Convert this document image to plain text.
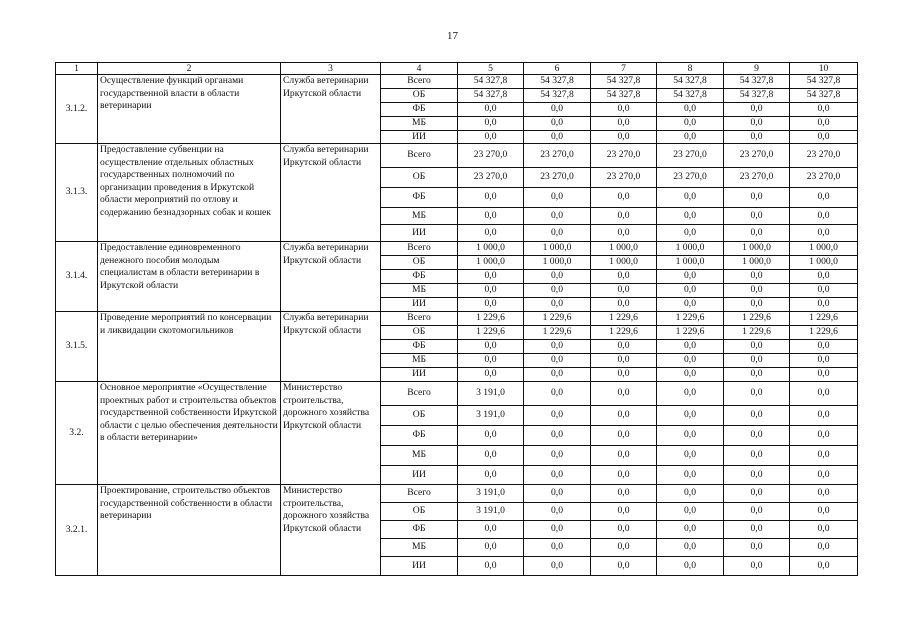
17
1	2	3	4	5	6	7	8	9	10
3.1.2.	Осуществление функций органами государственной власти в области ветеринарии	Служба ветеринарии Иркутской области	Всего	54 327,8	54 327,8	54 327,8	54 327,8	54 327,8	54 327,8
			ОБ	54 327,8	54 327,8	54 327,8	54 327,8	54 327,8	54 327,8
			ФБ	0,0	0,0	0,0	0,0	0,0	0,0
			МБ	0,0	0,0	0,0	0,0	0,0	0,0
			ИИ	0,0	0,0	0,0	0,0	0,0	0,0
3.1.3.	Предоставление субвенции на осуществление отдельных областных государственных полномочий по организации проведения в Иркутской области мероприятий по отлову и содержанию безнадзорных собак и кошек	Служба ветеринарии Иркутской области	Всего	23 270,0	23 270,0	23 270,0	23 270,0	23 270,0	23 270,0
			ОБ	23 270,0	23 270,0	23 270,0	23 270,0	23 270,0	23 270,0
			ФБ	0,0	0,0	0,0	0,0	0,0	0,0
			МБ	0,0	0,0	0,0	0,0	0,0	0,0
			ИИ	0,0	0,0	0,0	0,0	0,0	0,0
3.1.4.	Предоставление единовременного денежного пособия молодым специалистам в области ветеринарии в Иркутской области	Служба ветеринарии Иркутской области	Всего	1 000,0	1 000,0	1 000,0	1 000,0	1 000,0	1 000,0
			ОБ	1 000,0	1 000,0	1 000,0	1 000,0	1 000,0	1 000,0
			ФБ	0,0	0,0	0,0	0,0	0,0	0,0
			МБ	0,0	0,0	0,0	0,0	0,0	0,0
			ИИ	0,0	0,0	0,0	0,0	0,0	0,0
3.1.5.	Проведение мероприятий по консервации и ликвидации скотомогильников	Служба ветеринарии Иркутской области	Всего	1 229,6	1 229,6	1 229,6	1 229,6	1 229,6	1 229,6
			ОБ	1 229,6	1 229,6	1 229,6	1 229,6	1 229,6	1 229,6
			ФБ	0,0	0,0	0,0	0,0	0,0	0,0
			МБ	0,0	0,0	0,0	0,0	0,0	0,0
			ИИ	0,0	0,0	0,0	0,0	0,0	0,0
3.2.	Основное мероприятие «Осуществление проектных работ и строительства объектов государственной собственности Иркутской области с целью обеспечения деятельности в области ветеринарии»	Министерство строительства, дорожного хозяйства Иркутской области	Всего	3 191,0	0,0	0,0	0,0	0,0	0,0
			ОБ	3 191,0	0,0	0,0	0,0	0,0	0,0
			ФБ	0,0	0,0	0,0	0,0	0,0	0,0
			МБ	0,0	0,0	0,0	0,0	0,0	0,0
			ИИ	0,0	0,0	0,0	0,0	0,0	0,0
3.2.1.	Проектирование, строительство объектов государственной собственности в области ветеринарии	Министерство строительства, дорожного хозяйства Иркутской области	Всего	3 191,0	0,0	0,0	0,0	0,0	0,0
			ОБ	3 191,0	0,0	0,0	0,0	0,0	0,0
			ФБ	0,0	0,0	0,0	0,0	0,0	0,0
			МБ	0,0	0,0	0,0	0,0	0,0	0,0
			ИИ	0,0	0,0	0,0	0,0	0,0	0,0
